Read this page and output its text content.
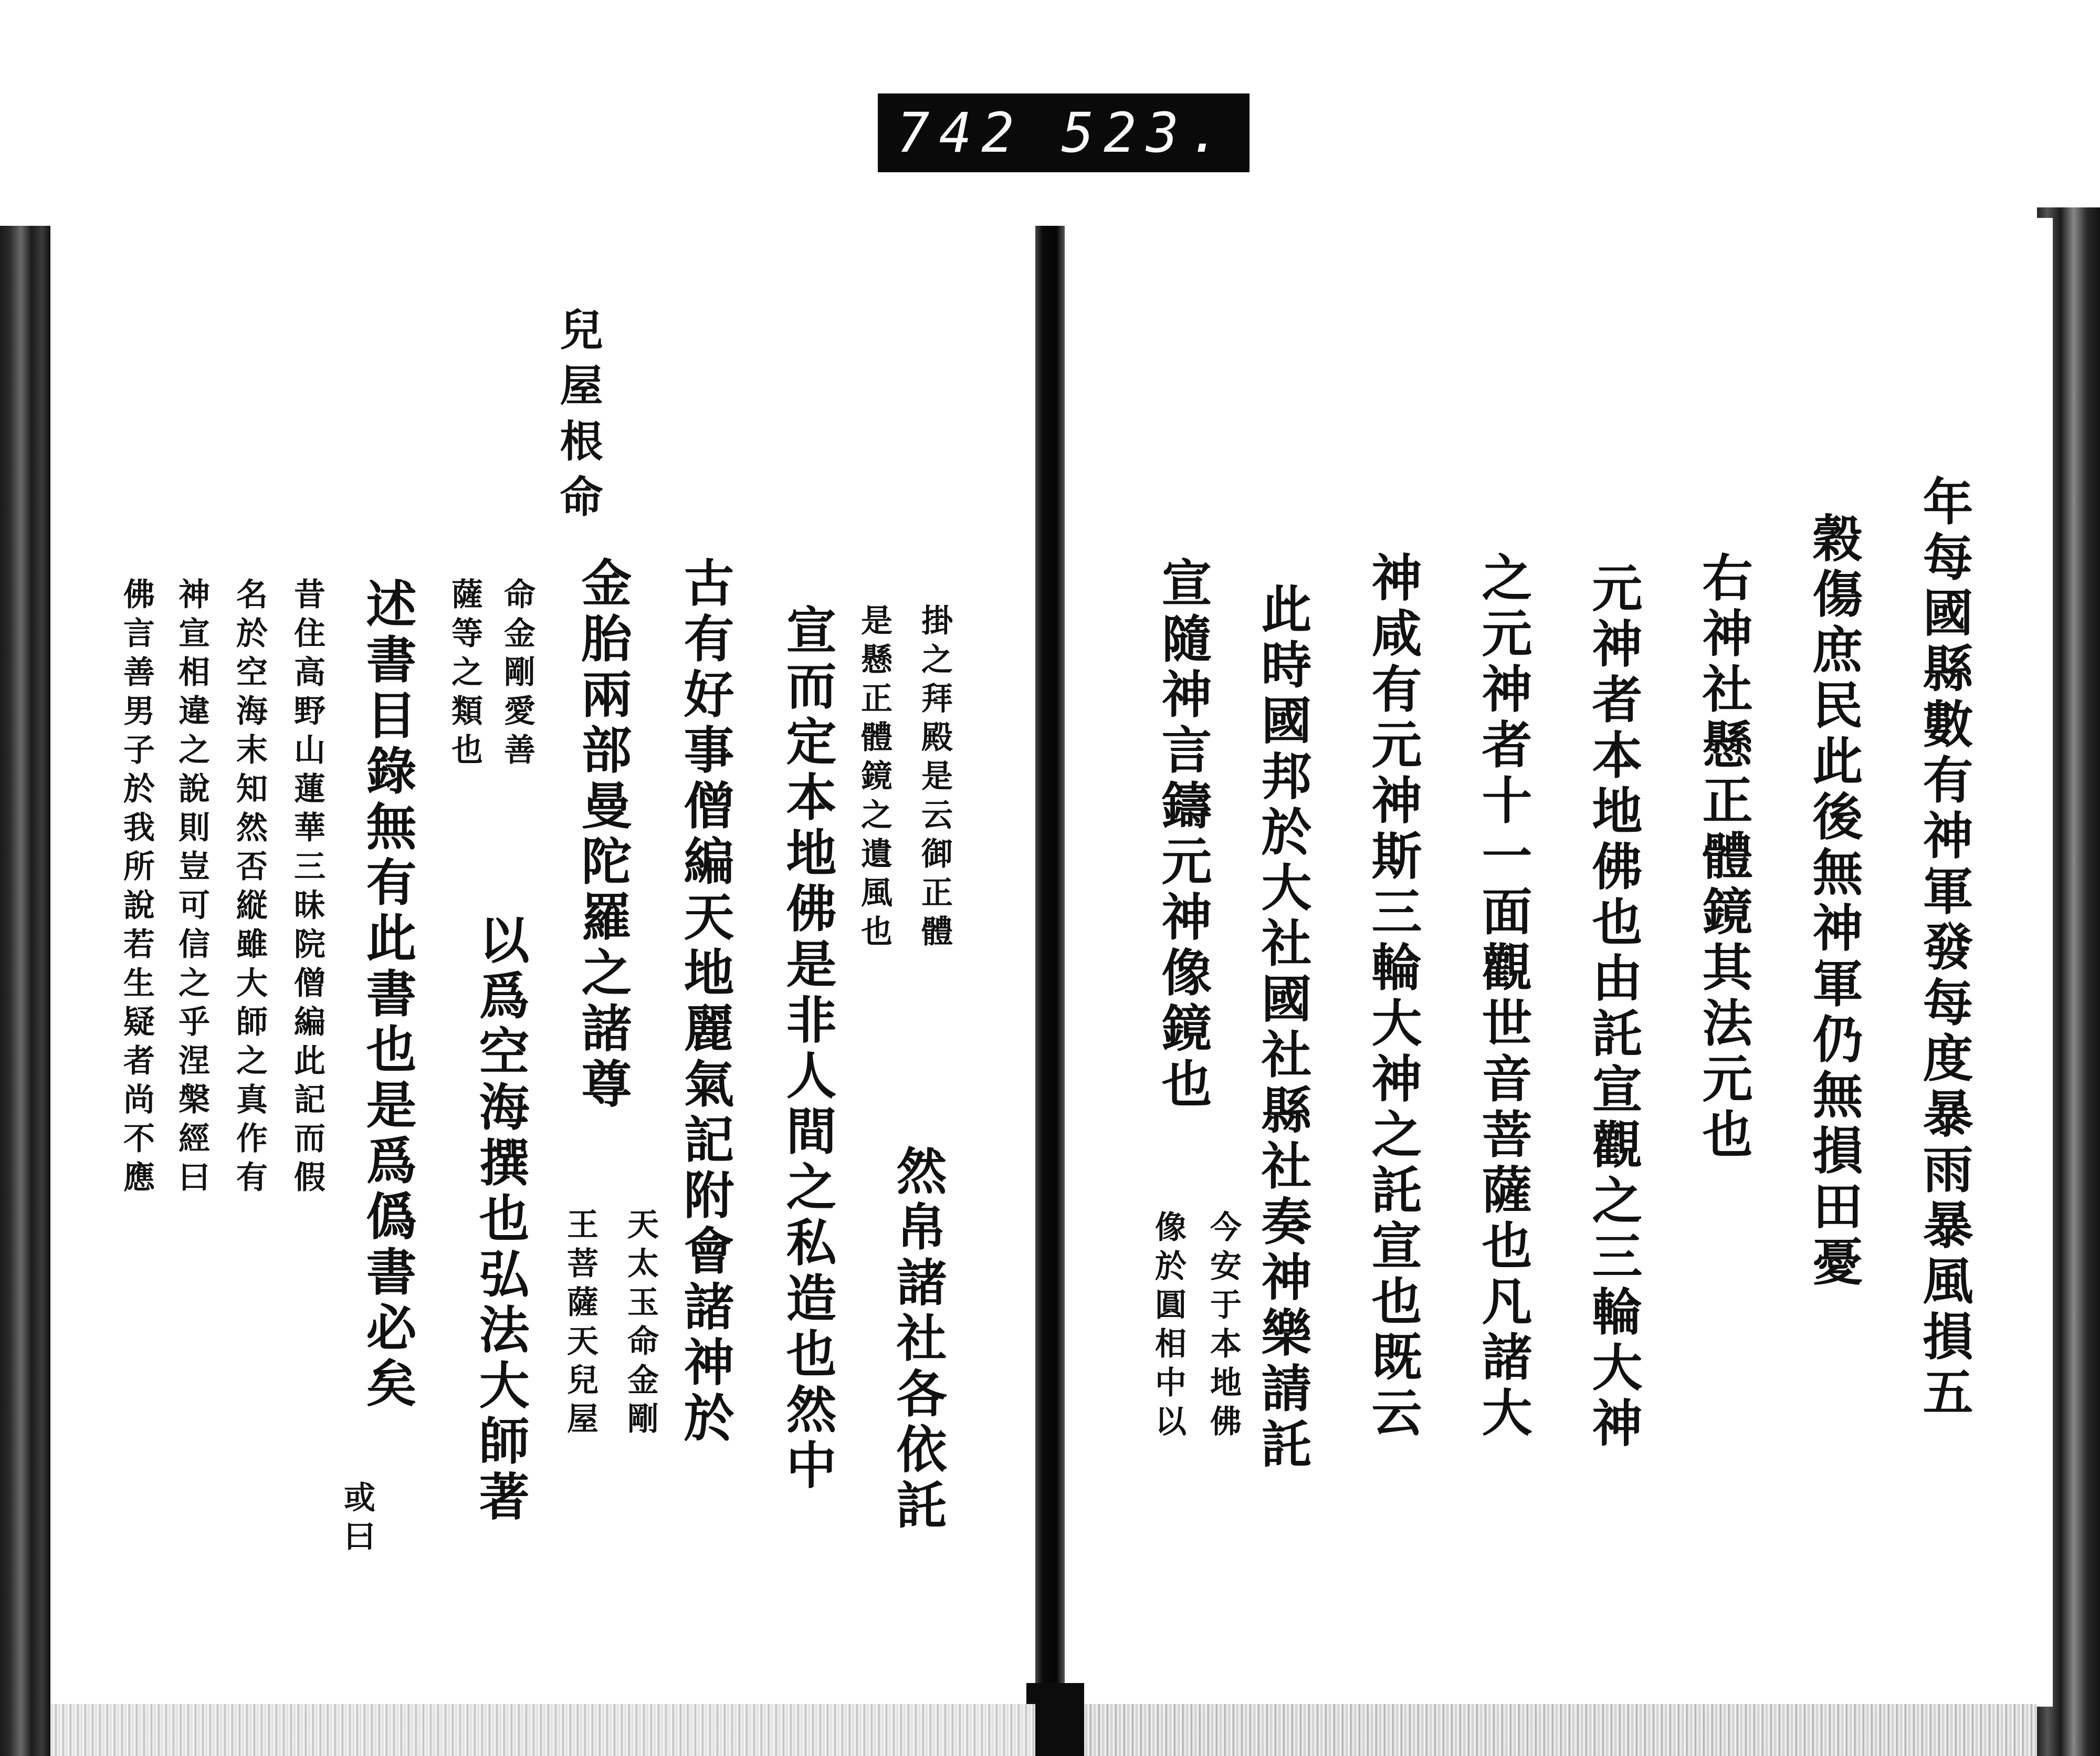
742 523.
年每國縣數有神軍發每度暴雨暴風損五
穀傷庶民此後無神軍仍無損田憂
右神社懸正體鏡其法元也
元神者本地佛也由託宣觀之三輪大神
之元神者十一面觀世音菩薩也凡諸大
神咸有元神斯三輪大神之託宣也既云
此時國邦於大社國社縣社奏神樂請託
宣隨神言鑄元神像鏡也
像於圓相中以 今安于本地佛
兒屋根命
掛之拜殿是云御正體
是懸正體鏡之遺風也
宣而定本地佛是非人間之私造也然中
古有好事僧編天地麗氣記附會諸神於
金胎兩部曼陀羅之諸尊
命金剛愛善
薩等之類也
述書目錄無有此書也是爲僞書必矣
昔住高野山蓮華三昧院僧編此記而假
名於空海末知然否縦雖大師之真作有
神宣相違之說則豈可信之乎涅槃經曰
佛言善男子於我所說若生疑者尚不應
然帛諸社各依託
天太玉命金剛
王菩薩天兒屋
以爲空海撰也弘法大師著
或曰
